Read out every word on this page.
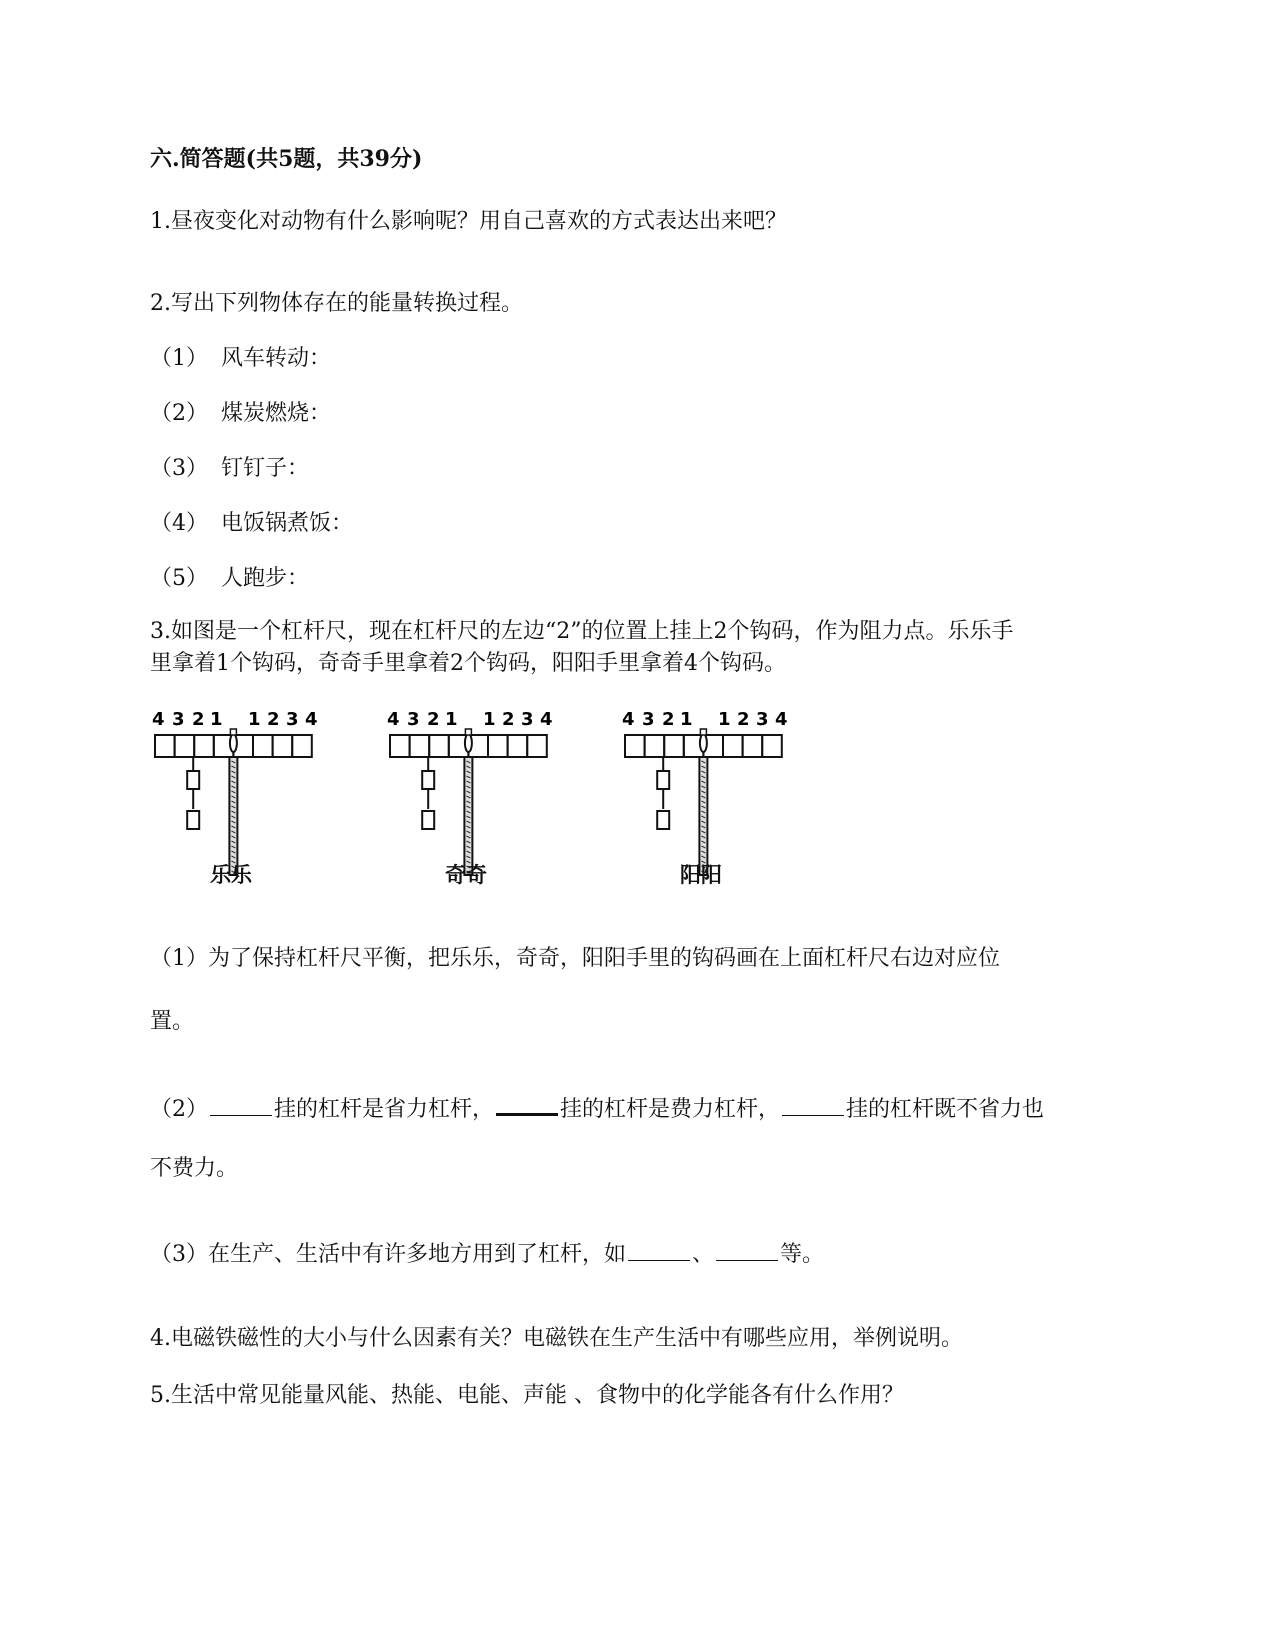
六.简答题(共5题，共39分)
1.昼夜变化对动物有什么影响呢？用自己喜欢的方式表达出来吧？
2.写出下列物体存在的能量转换过程。
（1） 风车转动：
（2） 煤炭燃烧：
（3） 钉钉子：
（4） 电饭锅煮饭：
（5） 人跑步：
3.如图是一个杠杆尺，现在杠杆尺的左边“2”的位置上挂上2个钩码，作为阻力点。乐乐手
里拿着1个钩码，奇奇手里拿着2个钩码，阳阳手里拿着4个钩码。
4 3 2 1 1 2 3 4
乐乐
4 3 2 1 1 2 3 4
奇奇
4 3 2 1 1 2 3 4
阳阳
（1）为了保持杠杆尺平衡，把乐乐，奇奇，阳阳手里的钩码画在上面杠杆尺右边对应位
置。
（2）	挂的杠杆是省力杠杆，	挂的杠杆是费力杠杆，	挂的杠杆既不省力也
不费力。
（3）在生产、生活中有许多地方用到了杠杆，如	、	等。
4.电磁铁磁性的大小与什么因素有关？电磁铁在生产生活中有哪些应用，举例说明。
5.生活中常见能量风能、热能、电能、声能 、食物中的化学能各有什么作用？
